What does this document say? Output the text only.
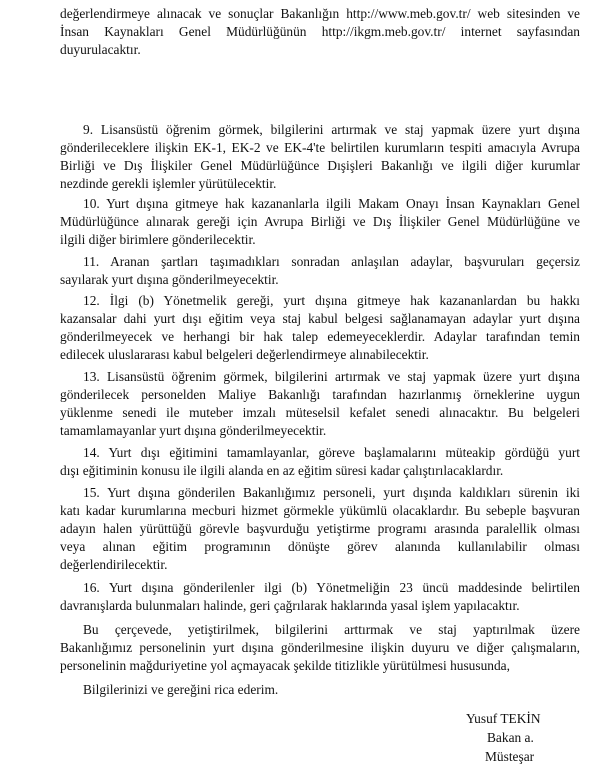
değerlendirmeye alınacak ve sonuçlar Bakanlığın http://www.meb.gov.tr/ web sitesinden ve
İnsan Kaynakları Genel Müdürlüğünün http://ikgm.meb.gov.tr/ internet sayfasından
duyurulacaktır.
9. Lisansüstü öğrenim görmek, bilgilerini artırmak ve staj yapmak üzere yurt dışına
gönderileceklere ilişkin EK-1, EK-2 ve EK-4'te belirtilen kurumların tespiti amacıyla Avrupa
Birliği ve Dış İlişkiler Genel Müdürlüğünce Dışişleri Bakanlığı ve ilgili diğer kurumlar
nezdinde gerekli işlemler yürütülecektir.
10. Yurt dışına gitmeye hak kazananlarla ilgili Makam Onayı İnsan Kaynakları Genel
Müdürlüğünce alınarak gereği için Avrupa Birliği ve Dış İlişkiler Genel Müdürlüğüne ve
ilgili diğer birimlere gönderilecektir.
11. Aranan şartları taşımadıkları sonradan anlaşılan adaylar, başvuruları geçersiz
sayılarak yurt dışına gönderilmeyecektir.
12. İlgi (b) Yönetmelik gereği, yurt dışına gitmeye hak kazananlardan bu hakkı
kazansalar dahi yurt dışı eğitim veya staj kabul belgesi sağlanamayan adaylar yurt dışına
gönderilmeyecek ve herhangi bir hak talep edemeyeceklerdir. Adaylar tarafından temin
edilecek uluslararası kabul belgeleri değerlendirmeye alınabilecektir.
13. Lisansüstü öğrenim görmek, bilgilerini artırmak ve staj yapmak üzere yurt dışına
gönderilecek personelden Maliye Bakanlığı tarafından hazırlanmış örneklerine uygun
yüklenme senedi ile muteber imzalı müteselsil kefalet senedi alınacaktır. Bu belgeleri
tamamlamayanlar yurt dışına gönderilmeyecektir.
14. Yurt dışı eğitimini tamamlayanlar, göreve başlamalarını müteakip gördüğü yurt
dışı eğitiminin konusu ile ilgili alanda en az eğitim süresi kadar çalıştırılacaklardır.
15. Yurt dışına gönderilen Bakanlığımız personeli, yurt dışında kaldıkları sürenin iki
katı kadar kurumlarına mecburi hizmet görmekle yükümlü olacaklardır. Bu sebeple başvuran
adayın halen yürüttüğü görevle başvurduğu yetiştirme programı arasında paralellik olması
veya alınan eğitim programının dönüşte görev alanında kullanılabilir olması
değerlendirilecektir.
16. Yurt dışına gönderilenler ilgi (b) Yönetmeliğin 23 üncü maddesinde belirtilen
davranışlarda bulunmaları halinde, geri çağrılarak haklarında yasal işlem yapılacaktır.
Bu çerçevede, yetiştirilmek, bilgilerini arttırmak ve staj yaptırılmak üzere
Bakanlığımız personelinin yurt dışına gönderilmesine ilişkin duyuru ve diğer çalışmaların,
personelinin mağduriyetine yol açmayacak şekilde titizlikle yürütülmesi hususunda,
Bilgilerinizi ve gereğini rica ederim.
Yusuf TEKİN
Bakan a.
Müsteşar
